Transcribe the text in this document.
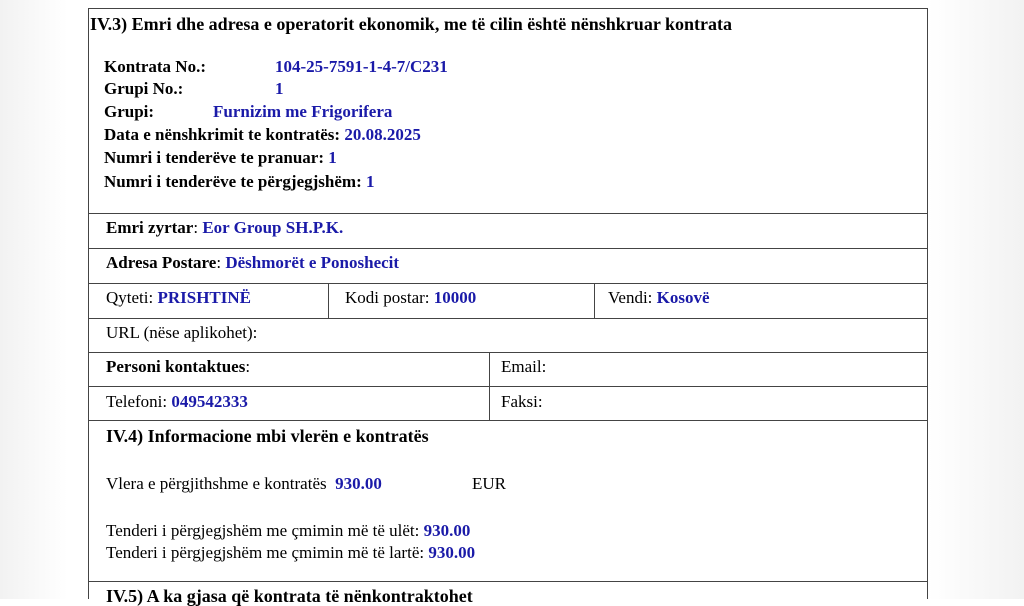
IV.3) Emri dhe adresa e operatorit ekonomik, me të cilin është nënshkruar kontrata
Kontrata No.:	104-25-7591-1-4-7/C231
Grupi No.:	1
Grupi:	Furnizim me Frigorifera
Data e nënshkrimit te kontratës: 20.08.2025
Numri i tenderëve te pranuar: 1
Numri i tenderëve te përgjegjshëm: 1
Emri zyrtar: Eor Group SH.P.K.
Adresa Postare: Dëshmorët e Ponoshecit
Qyteti: PRISHTINË	Kodi postar: 10000	Vendi: Kosovë
URL (nëse aplikohet):
Personi kontaktues:	Email:
Telefoni: 049542333	Faksi:
IV.4) Informacione mbi vlerën e kontratës
Vlera e përgjithshme e kontratës 930.00	EUR
Tenderi i përgjegjshëm me çmimin më të ulët: 930.00
Tenderi i përgjegjshëm me çmimin më të lartë: 930.00
IV.5) A ka gjasa që kontrata të nënkontraktohet
